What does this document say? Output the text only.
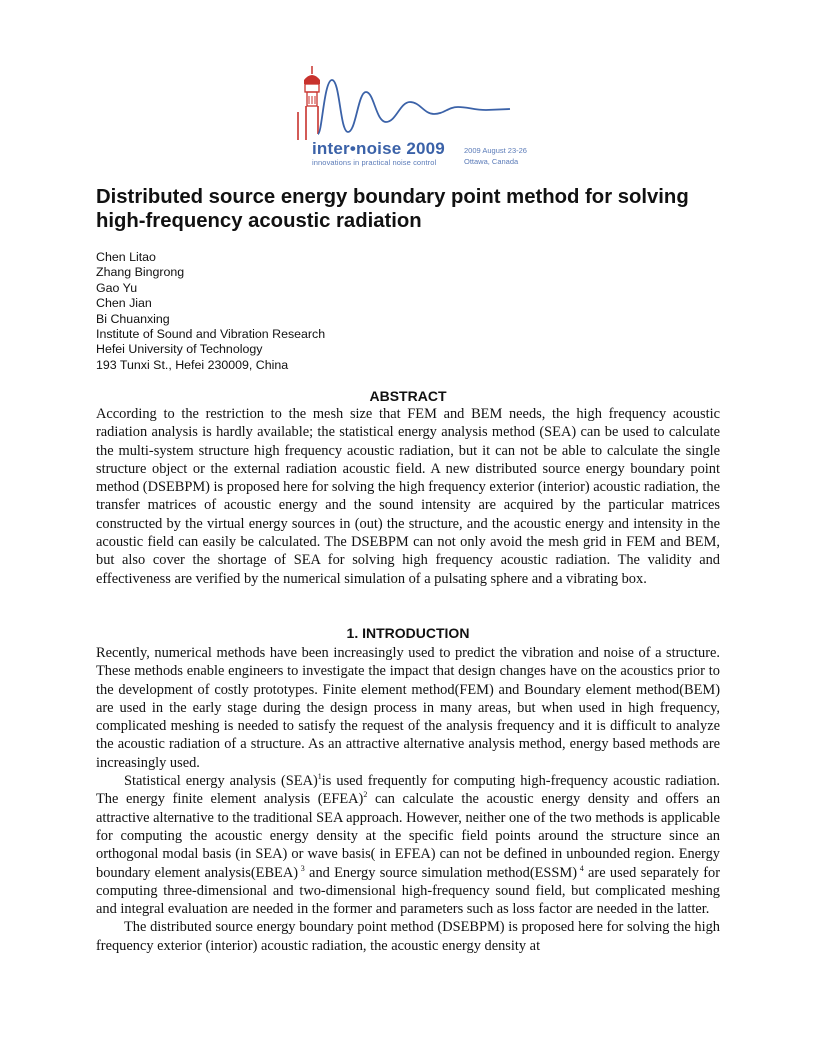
inter•noise 2009
innovations in practical noise control
2009 August 23-26
Ottawa, Canada
Distributed source energy boundary point method for solving high-frequency acoustic radiation
Chen Litao
Zhang Bingrong
Gao Yu
Chen Jian
Bi Chuanxing
Institute of Sound and Vibration Research
Hefei University of Technology
193 Tunxi St., Hefei 230009, China
ABSTRACT

According to the restriction to the mesh size that FEM and BEM needs, the high frequency acoustic radiation analysis is hardly available; the statistical energy analysis method (SEA) can be used to calculate the multi-system structure high frequency acoustic radiation, but it can not be able to calculate the single structure object or the external radiation acoustic field. A new distributed source energy boundary point method (DSEBPM) is proposed here for solving the high frequency exterior (interior) acoustic radiation, the transfer matrices of acoustic energy and the sound intensity are acquired by the particular matrices constructed by the virtual energy sources in (out) the structure, and the acoustic energy and intensity in the acoustic field can easily be calculated. The DSEBPM can not only avoid the mesh grid in FEM and BEM, but also cover the shortage of SEA for solving high frequency acoustic radiation. The validity and effectiveness are verified by the numerical simulation of a pulsating sphere and a vibrating box.

1. INTRODUCTION

Recently, numerical methods have been increasingly used to predict the vibration and noise of a structure. These methods enable engineers to investigate the impact that design changes have on the acoustics prior to the development of costly prototypes. Finite element method(FEM) and Boundary element method(BEM) are used in the early stage during the design process in many areas, but when used in high frequency, complicated meshing is needed to satisfy the request of the analysis frequency and it is difficult to analyze the acoustic radiation of a structure. As an attractive alternative analysis method, energy based methods are increasingly used.

Statistical energy analysis (SEA)$^1$is used frequently for computing high-frequency acoustic radiation. The energy finite element analysis (EFEA)$^2$ can calculate the acoustic energy density and offers an attractive alternative to the traditional SEA approach. However, neither one of the two methods is applicable for computing the acoustic energy density at the specific field points around the structure since an orthogonal modal basis (in SEA) or wave basis( in EFEA) can not be defined in unbounded region. Energy boundary element analysis(EBEA) $^3$ and Energy source simulation method(ESSM) $^4$ are used separately for computing three-dimensional and two-dimensional high-frequency sound field, but complicated meshing and integral evaluation are needed in the former and parameters such as loss factor are needed in the latter.

The distributed source energy boundary point method (DSEBPM) is proposed here for solving the high frequency exterior (interior) acoustic radiation, the acoustic energy density at
